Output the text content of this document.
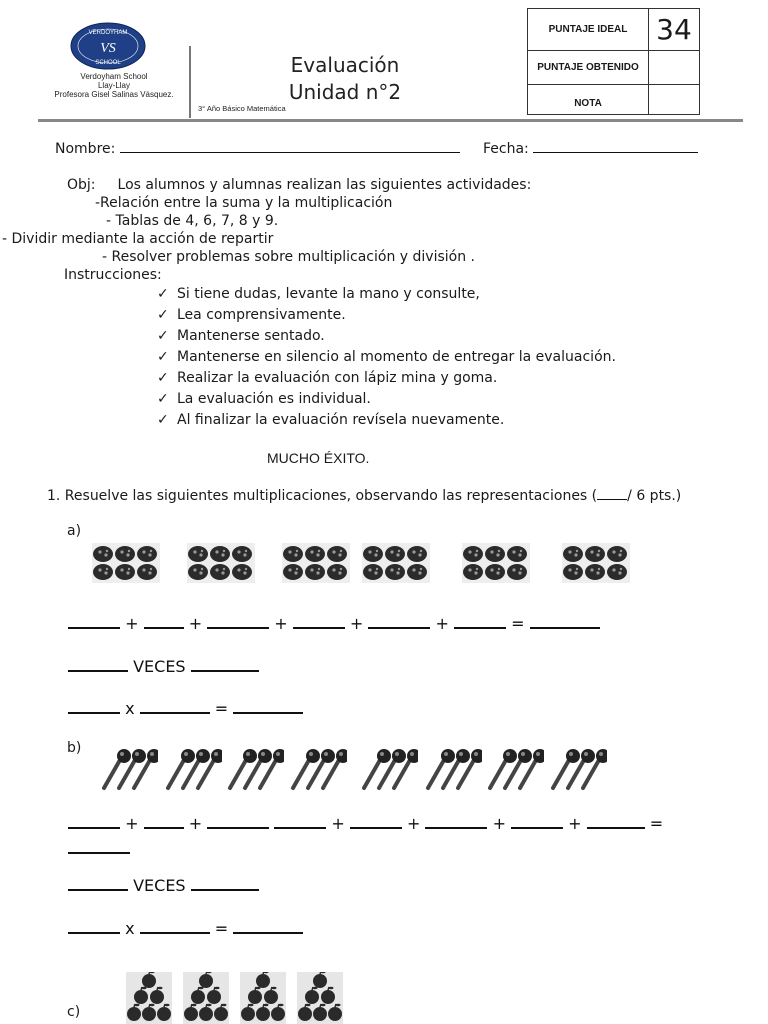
VERDOYHAM
VS
SCHOOL
Verdoyham School
Llay-Llay
Profesora Gisel Salinas Vásquez.
3° Año Básico Matemática
Evaluación
Unidad n°2
PUNTAJE IDEAL	34
PUNTAJE OBTENIDO	
NOTA	
Nombre:	Fecha:
Obj: Los alumnos y alumnas realizan las siguientes actividades:
-Relación entre la suma y la multiplicación
- Tablas de 4, 6, 7, 8 y 9.
- Dividir mediante la acción de repartir
- Resolver problemas sobre multiplicación y división .
Instrucciones:
✓ Si tiene dudas, levante la mano y consulte,
✓ Lea comprensivamente.
✓ Mantenerse sentado.
✓ Mantenerse en silencio al momento de entregar la evaluación.
✓ Realizar la evaluación con lápiz mina y goma.
✓ La evaluación es individual.
✓ Al finalizar la evaluación revísela nuevamente.
MUCHO ÉXITO.
1. Resuelve las siguientes multiplicaciones, observando las representaciones ( / 6 pts.)
a)
+	+	+	+	+	=
VECES
x	=
b)
+	+	+	+	+	+	=
VECES
x	=
c)
